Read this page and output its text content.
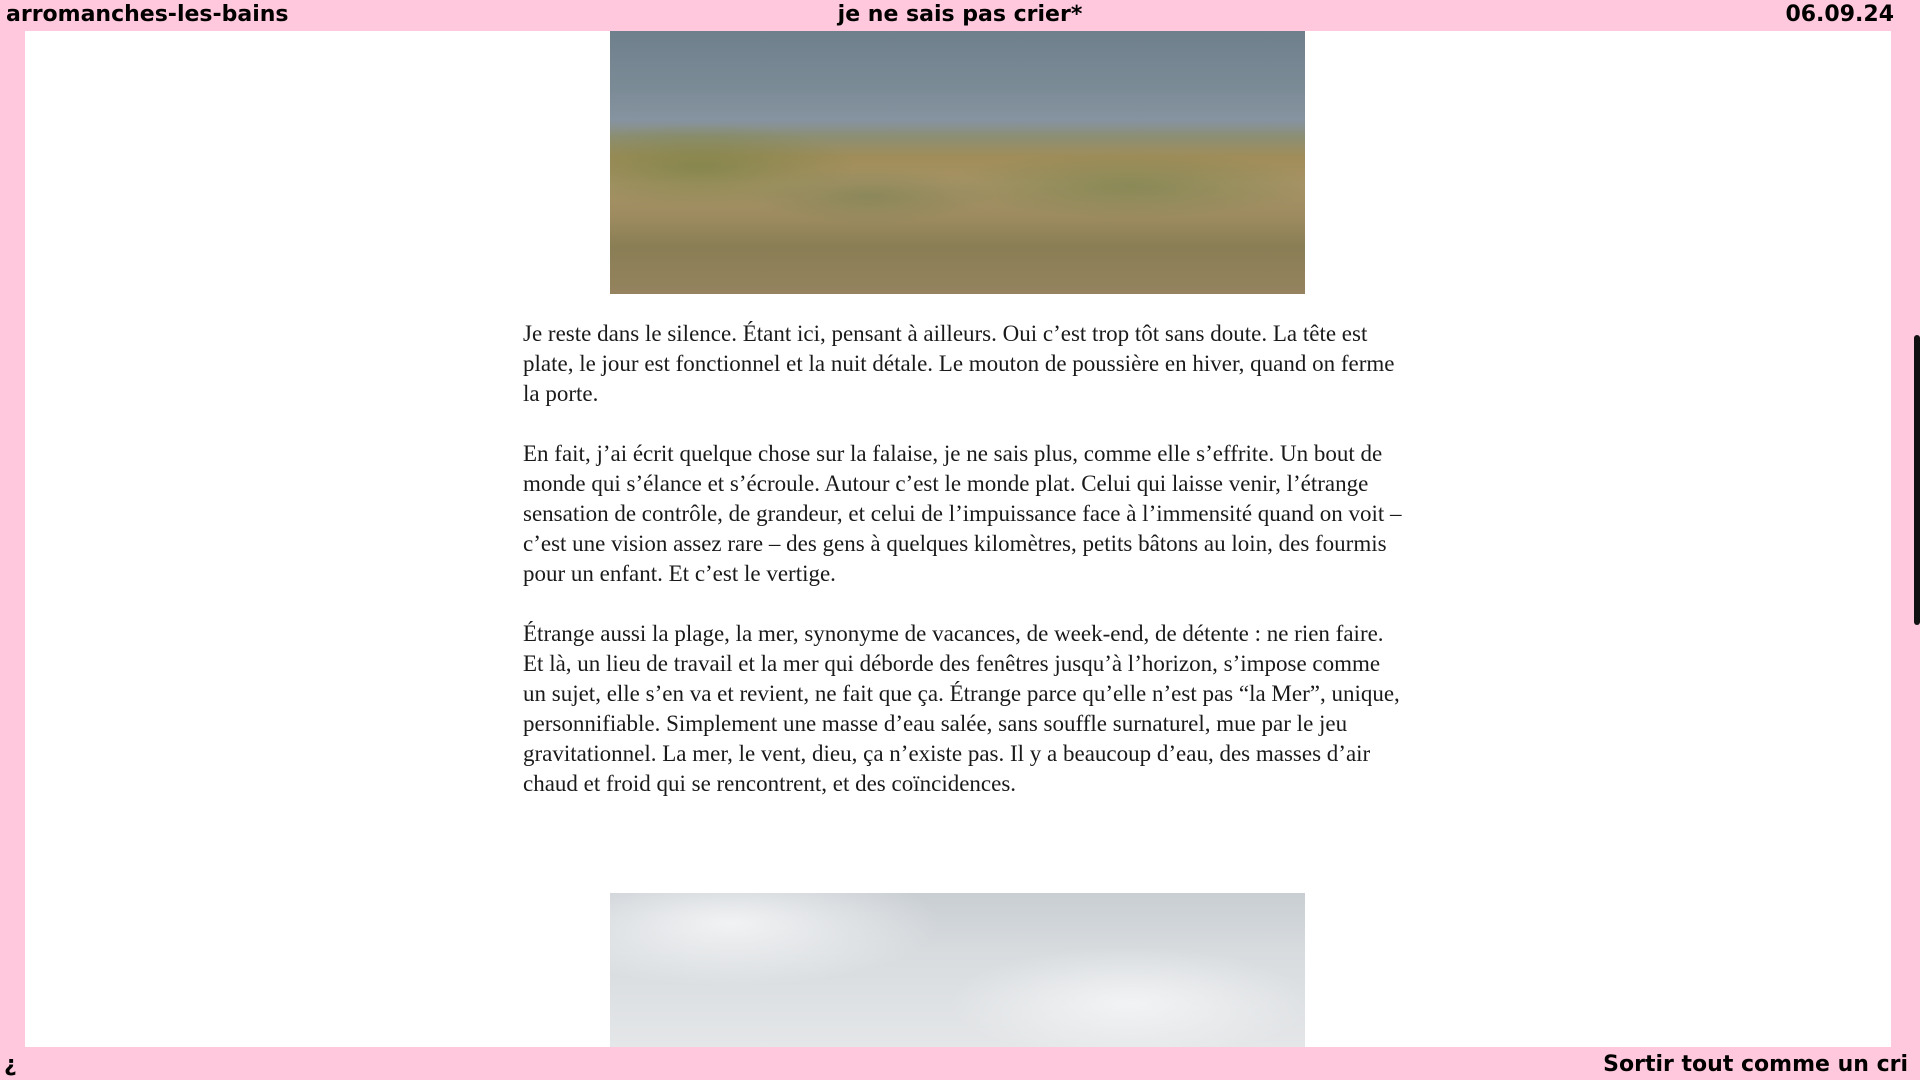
arromanches-les-bains	je ne sais pas crier*	06.09.24

Je reste dans le silence. Étant ici, pensant à ailleurs. Oui c’est trop tôt sans doute. La tête est plate, le jour est fonctionnel et la nuit détale. Le mouton de poussière en hiver, quand on ferme la porte.

En fait, j’ai écrit quelque chose sur la falaise, je ne sais plus, comme elle s’effrite. Un bout de monde qui s’élance et s’écroule. Autour c’est le monde plat. Celui qui laisse venir, l’étrange sensation de contrôle, de grandeur, et celui de l’impuissance face à l’immensité quand on voit – c’est une vision assez rare – des gens à quelques kilomètres, petits bâtons au loin, des fourmis pour un enfant. Et c’est le vertige.

Étrange aussi la plage, la mer, synonyme de vacances, de week-end, de détente : ne rien faire. Et là, un lieu de travail et la mer qui déborde des fenêtres jusqu’à l’horizon, s’impose comme un sujet, elle s’en va et revient, ne fait que ça. Étrange parce qu’elle n’est pas “la Mer”, unique, personnifiable. Simplement une masse d’eau salée, sans souffle surnaturel, mue par le jeu gravitationnel. La mer, le vent, dieu, ça n’existe pas. Il y a beaucoup d’eau, des masses d’air chaud et froid qui se rencontrent, et des coïncidences.

¿	Sortir tout comme un cri
